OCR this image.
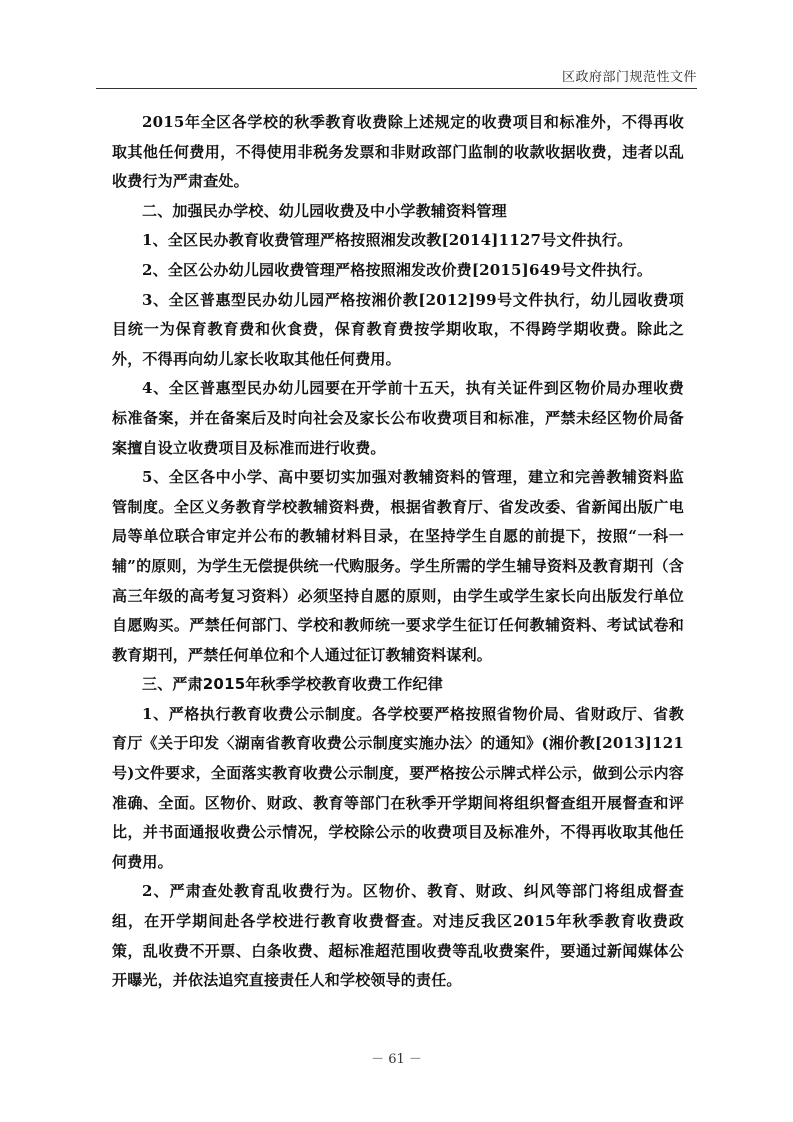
区政府部门规范性文件

2015年全区各学校的秋季教育收费除上述规定的收费项目和标准外，不得再收取其他任何费用，不得使用非税务发票和非财政部门监制的收款收据收费，违者以乱收费行为严肃查处。

二、加强民办学校、幼儿园收费及中小学教辅资料管理

1、全区民办教育收费管理严格按照湘发改教[2014]1127号文件执行。

2、全区公办幼儿园收费管理严格按照湘发改价费[2015]649号文件执行。

3、全区普惠型民办幼儿园严格按湘价教[2012]99号文件执行，幼儿园收费项目统一为保育教育费和伙食费，保育教育费按学期收取，不得跨学期收费。除此之外，不得再向幼儿家长收取其他任何费用。

4、全区普惠型民办幼儿园要在开学前十五天，执有关证件到区物价局办理收费标准备案，并在备案后及时向社会及家长公布收费项目和标准，严禁未经区物价局备案擅自设立收费项目及标准而进行收费。

5、全区各中小学、高中要切实加强对教辅资料的管理，建立和完善教辅资料监管制度。全区义务教育学校教辅资料费，根据省教育厅、省发改委、省新闻出版广电局等单位联合审定并公布的教辅材料目录，在坚持学生自愿的前提下，按照“一科一辅”的原则，为学生无偿提供统一代购服务。学生所需的学生辅导资料及教育期刊（含高三年级的高考复习资料）必须坚持自愿的原则，由学生或学生家长向出版发行单位自愿购买。严禁任何部门、学校和教师统一要求学生征订任何教辅资料、考试试卷和教育期刊，严禁任何单位和个人通过征订教辅资料谋利。

三、严肃2015年秋季学校教育收费工作纪律

1、严格执行教育收费公示制度。各学校要严格按照省物价局、省财政厅、省教育厅《关于印发〈湖南省教育收费公示制度实施办法〉的通知》(湘价教[2013]121号)文件要求，全面落实教育收费公示制度，要严格按公示牌式样公示，做到公示内容准确、全面。区物价、财政、教育等部门在秋季开学期间将组织督查组开展督查和评比，并书面通报收费公示情况，学校除公示的收费项目及标准外，不得再收取其他任何费用。

2、严肃查处教育乱收费行为。区物价、教育、财政、纠风等部门将组成督查组，在开学期间赴各学校进行教育收费督查。对违反我区2015年秋季教育收费政策，乱收费不开票、白条收费、超标准超范围收费等乱收费案件，要通过新闻媒体公开曝光，并依法追究直接责任人和学校领导的责任。

－ 61 －
